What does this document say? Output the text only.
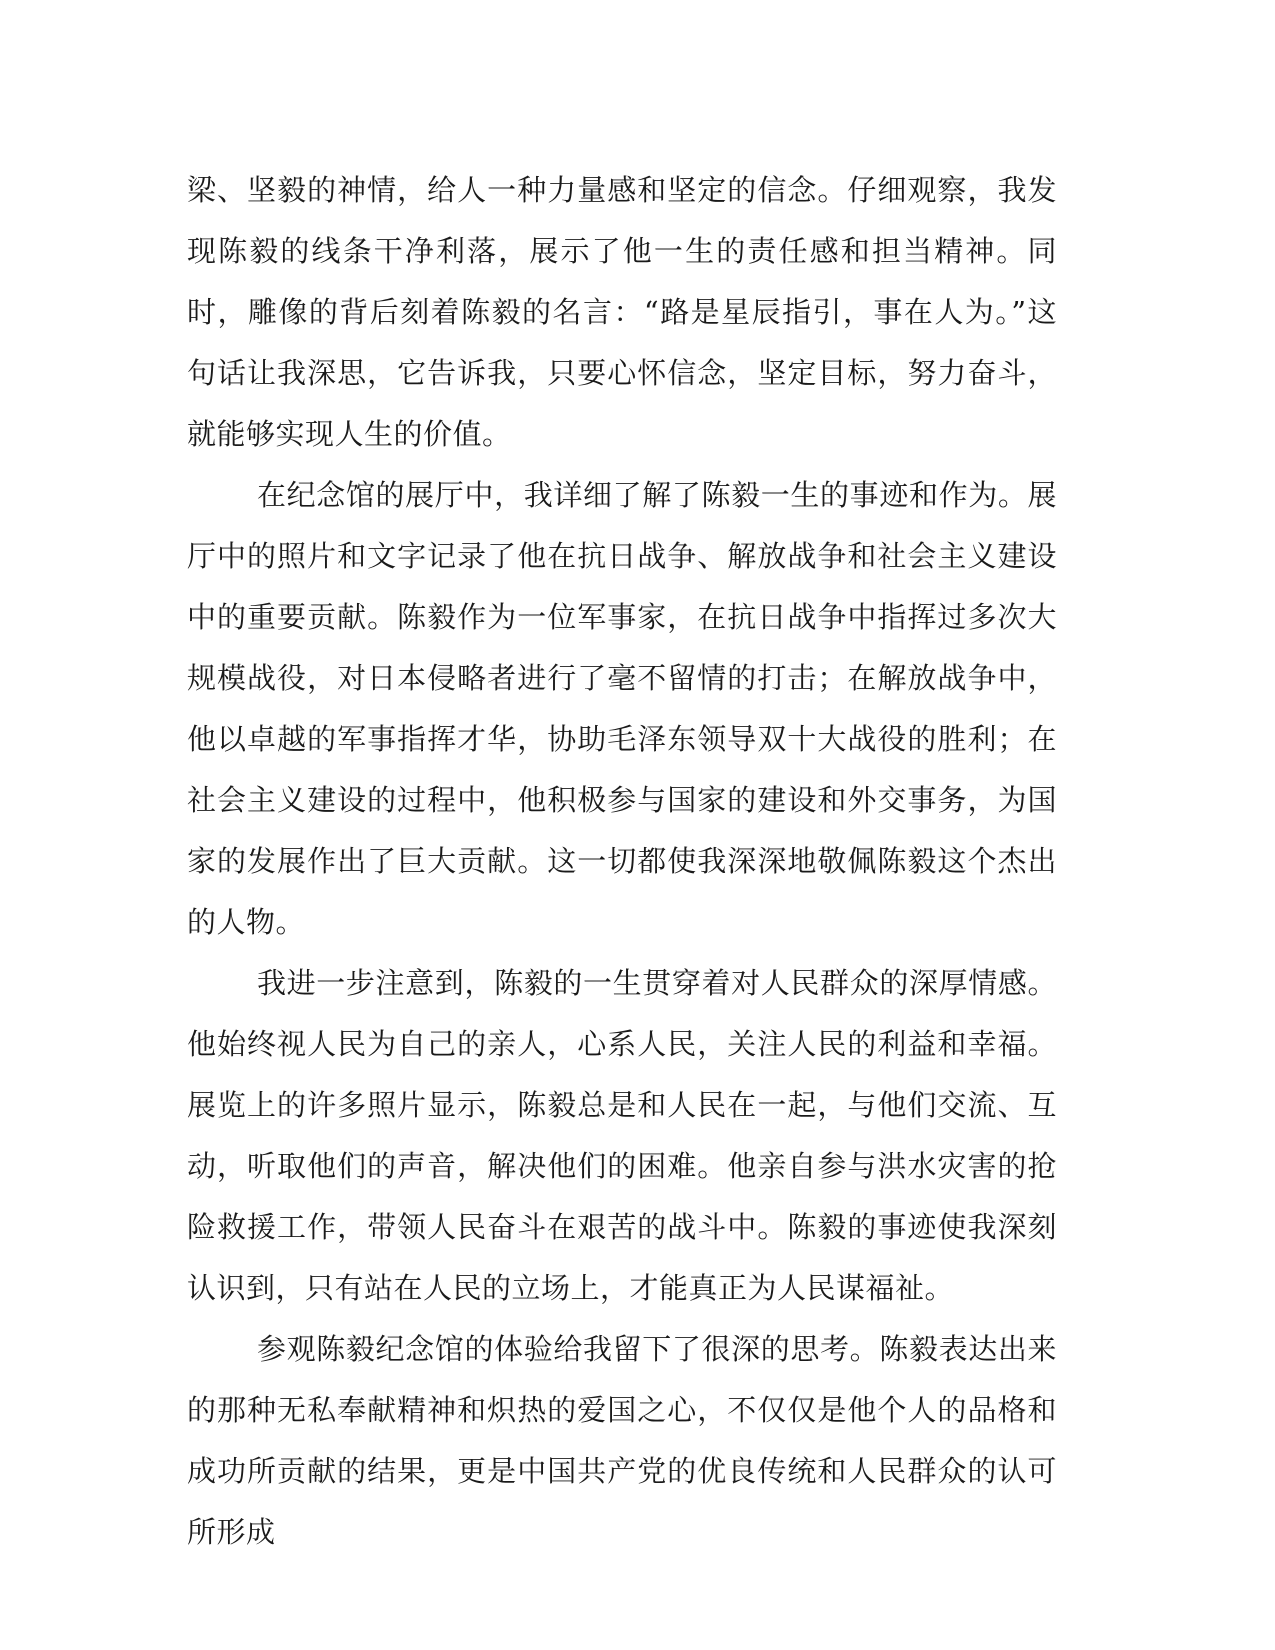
梁、坚毅的神情，给人一种力量感和坚定的信念。仔细观察，我发现陈毅的线条干净利落，展示了他一生的责任感和担当精神。同时，雕像的背后刻着陈毅的名言：“路是星辰指引，事在人为。”这句话让我深思，它告诉我，只要心怀信念，坚定目标，努力奋斗，就能够实现人生的价值。

在纪念馆的展厅中，我详细了解了陈毅一生的事迹和作为。展厅中的照片和文字记录了他在抗日战争、解放战争和社会主义建设中的重要贡献。陈毅作为一位军事家，在抗日战争中指挥过多次大规模战役，对日本侵略者进行了毫不留情的打击；在解放战争中，他以卓越的军事指挥才华，协助毛泽东领导双十大战役的胜利；在社会主义建设的过程中，他积极参与国家的建设和外交事务，为国家的发展作出了巨大贡献。这一切都使我深深地敬佩陈毅这个杰出的人物。

我进一步注意到，陈毅的一生贯穿着对人民群众的深厚情感。他始终视人民为自己的亲人，心系人民，关注人民的利益和幸福。展览上的许多照片显示，陈毅总是和人民在一起，与他们交流、互动，听取他们的声音，解决他们的困难。他亲自参与洪水灾害的抢险救援工作，带领人民奋斗在艰苦的战斗中。陈毅的事迹使我深刻认识到，只有站在人民的立场上，才能真正为人民谋福祉。

参观陈毅纪念馆的体验给我留下了很深的思考。陈毅表达出来的那种无私奉献精神和炽热的爱国之心，不仅仅是他个人的品格和成功所贡献的结果，更是中国共产党的优良传统和人民群众的认可所形成
